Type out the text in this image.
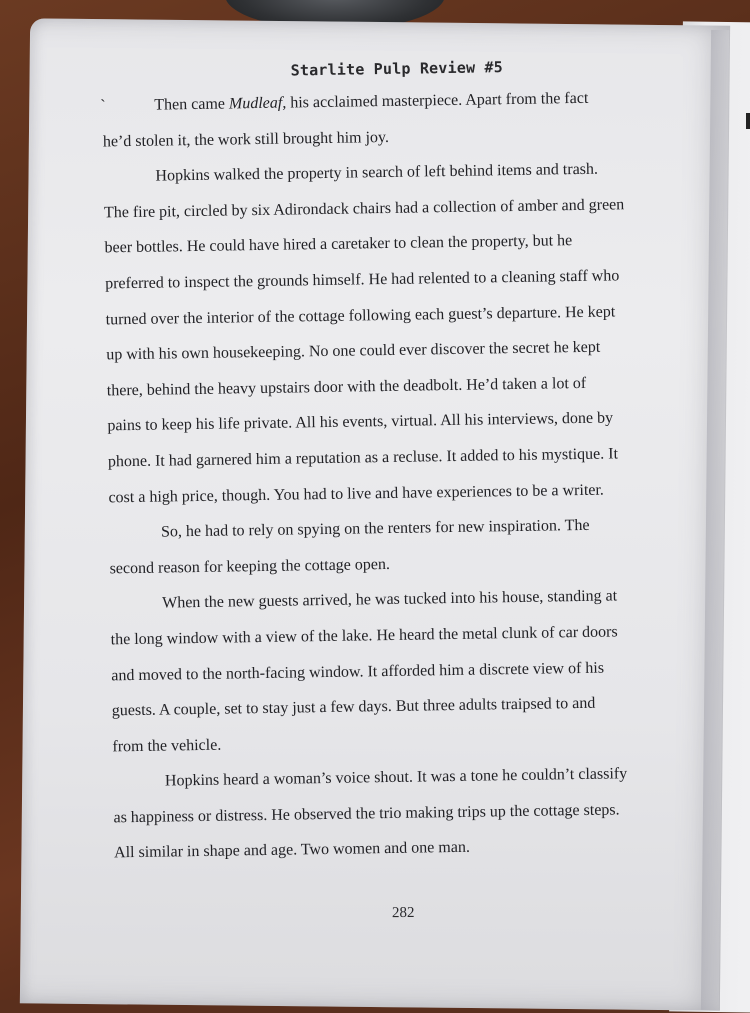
Starlite Pulp Review #5
`	Then came Mudleaf, his acclaimed masterpiece. Apart from the fact
he’d stolen it, the work still brought him joy.
Hopkins walked the property in search of left behind items and trash.
The fire pit, circled by six Adirondack chairs had a collection of amber and green
beer bottles. He could have hired a caretaker to clean the property, but he
preferred to inspect the grounds himself. He had relented to a cleaning staff who
turned over the interior of the cottage following each guest’s departure. He kept
up with his own housekeeping. No one could ever discover the secret he kept
there, behind the heavy upstairs door with the deadbolt. He’d taken a lot of
pains to keep his life private. All his events, virtual. All his interviews, done by
phone. It had garnered him a reputation as a recluse. It added to his mystique. It
cost a high price, though. You had to live and have experiences to be a writer.
So, he had to rely on spying on the renters for new inspiration. The
second reason for keeping the cottage open.
When the new guests arrived, he was tucked into his house, standing at
the long window with a view of the lake. He heard the metal clunk of car doors
and moved to the north-facing window. It afforded him a discrete view of his
guests. A couple, set to stay just a few days. But three adults traipsed to and
from the vehicle.
Hopkins heard a woman’s voice shout. It was a tone he couldn’t classify
as happiness or distress. He observed the trio making trips up the cottage steps.
All similar in shape and age. Two women and one man.
282
